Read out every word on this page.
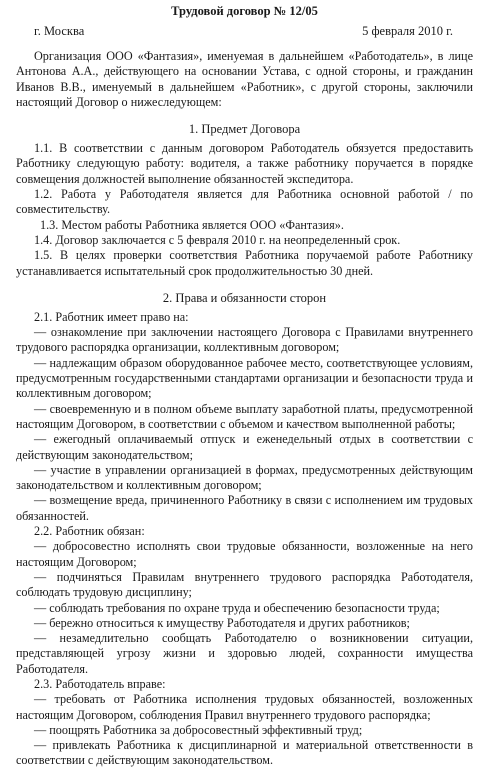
Трудовой договор № 12/05
г. Москва	5 февраля 2010 г.

Организация ООО «Фантазия», именуемая в дальнейшем «Работодатель», в лице Антонова А.А., действующего на основании Устава, с одной стороны, и гражданин Иванов В.В., именуемый в дальнейшем «Работник», с другой стороны, заключили настоящий Договор о нижеследующем:

1. Предмет Договора

1.1. В соответствии с данным договором Работодатель обязуется предоставить Работнику следующую работу: водителя, а также работнику поручается в порядке совмещения должностей выполнение обязанностей экспедитора.

1.2. Работа у Работодателя является для Работника основной работой / по совместительству.

1.3. Местом работы Работника является ООО «Фантазия».

1.4. Договор заключается с 5 февраля 2010 г. на неопределенный срок.

1.5. В целях проверки соответствия Работника поручаемой работе Работнику устанавливается испытательный срок продолжительностью 30 дней.

2. Права и обязанности сторон

2.1. Работник имеет право на:

— ознакомление при заключении настоящего Договора с Правилами внутреннего трудового распорядка организации, коллективным договором;

— надлежащим образом оборудованное рабочее место, соответствующее условиям, предусмотренным государственными стандартами организации и безопасности труда и коллективным договором;

— своевременную и в полном объеме выплату заработной платы, предусмотренной настоящим Договором, в соответствии с объемом и качеством выполненной работы;

— ежегодный оплачиваемый отпуск и еженедельный отдых в соответствии с действующим законодательством;

— участие в управлении организацией в формах, предусмотренных действующим законодательством и коллективным договором;

— возмещение вреда, причиненного Работнику в связи с исполнением им трудовых обязанностей.

2.2. Работник обязан:

— добросовестно исполнять свои трудовые обязанности, возложенные на него настоящим Договором;

— подчиняться Правилам внутреннего трудового распорядка Работодателя, соблюдать трудовую дисциплину;

— соблюдать требования по охране труда и обеспечению безопасности труда;

— бережно относиться к имуществу Работодателя и других работников;

— незамедлительно сообщать Работодателю о возникновении ситуации, представляющей угрозу жизни и здоровью людей, сохранности имущества Работодателя.

2.3. Работодатель вправе:

— требовать от Работника исполнения трудовых обязанностей, возложенных настоящим Договором, соблюдения Правил внутреннего трудового распорядка;

— поощрять Работника за добросовестный эффективный труд;

— привлекать Работника к дисциплинарной и материальной ответственности в соответствии с действующим законодательством.
